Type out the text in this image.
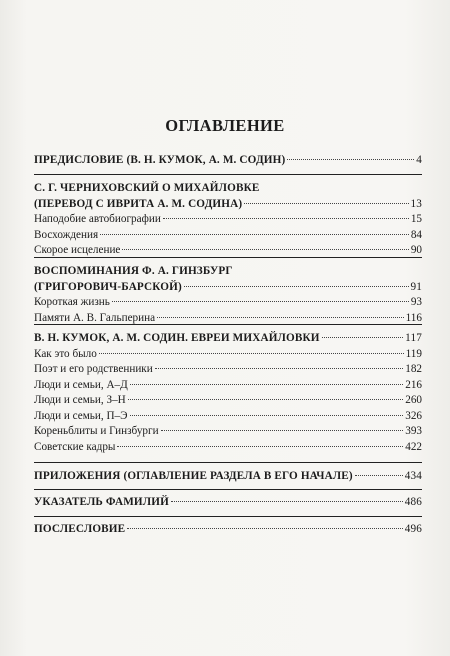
ОГЛАВЛЕНИЕ
ПРЕДИСЛОВИЕ (В. Н. КУМОК, А. М. СОДИН)	4
С. Г. ЧЕРНИХОВСКИЙ О МИХАЙЛОВКЕ
(ПЕРЕВОД С ИВРИТА А. М. СОДИНА)	13
Наподобие автобиографии	15
Восхождения	84
Скорое исцеление	90
ВОСПОМИНАНИЯ Ф. А. ГИНЗБУРГ
(ГРИГОРОВИЧ-БАРСКОЙ)	91
Короткая жизнь	93
Памяти А. В. Гальперина	116
В. Н. КУМОК, А. М. СОДИН. ЕВРЕИ МИХАЙЛОВКИ	117
Как это было	119
Поэт и его родственники	182
Люди и семьи, А–Д	216
Люди и семьи, З–Н	260
Люди и семьи, П–Э	326
Кореньблиты и Гинзбурги	393
Советские кадры	422
ПРИЛОЖЕНИЯ (ОГЛАВЛЕНИЕ РАЗДЕЛА В ЕГО НАЧАЛЕ)	434
УКАЗАТЕЛЬ ФАМИЛИЙ	486
ПОСЛЕСЛОВИЕ	496
